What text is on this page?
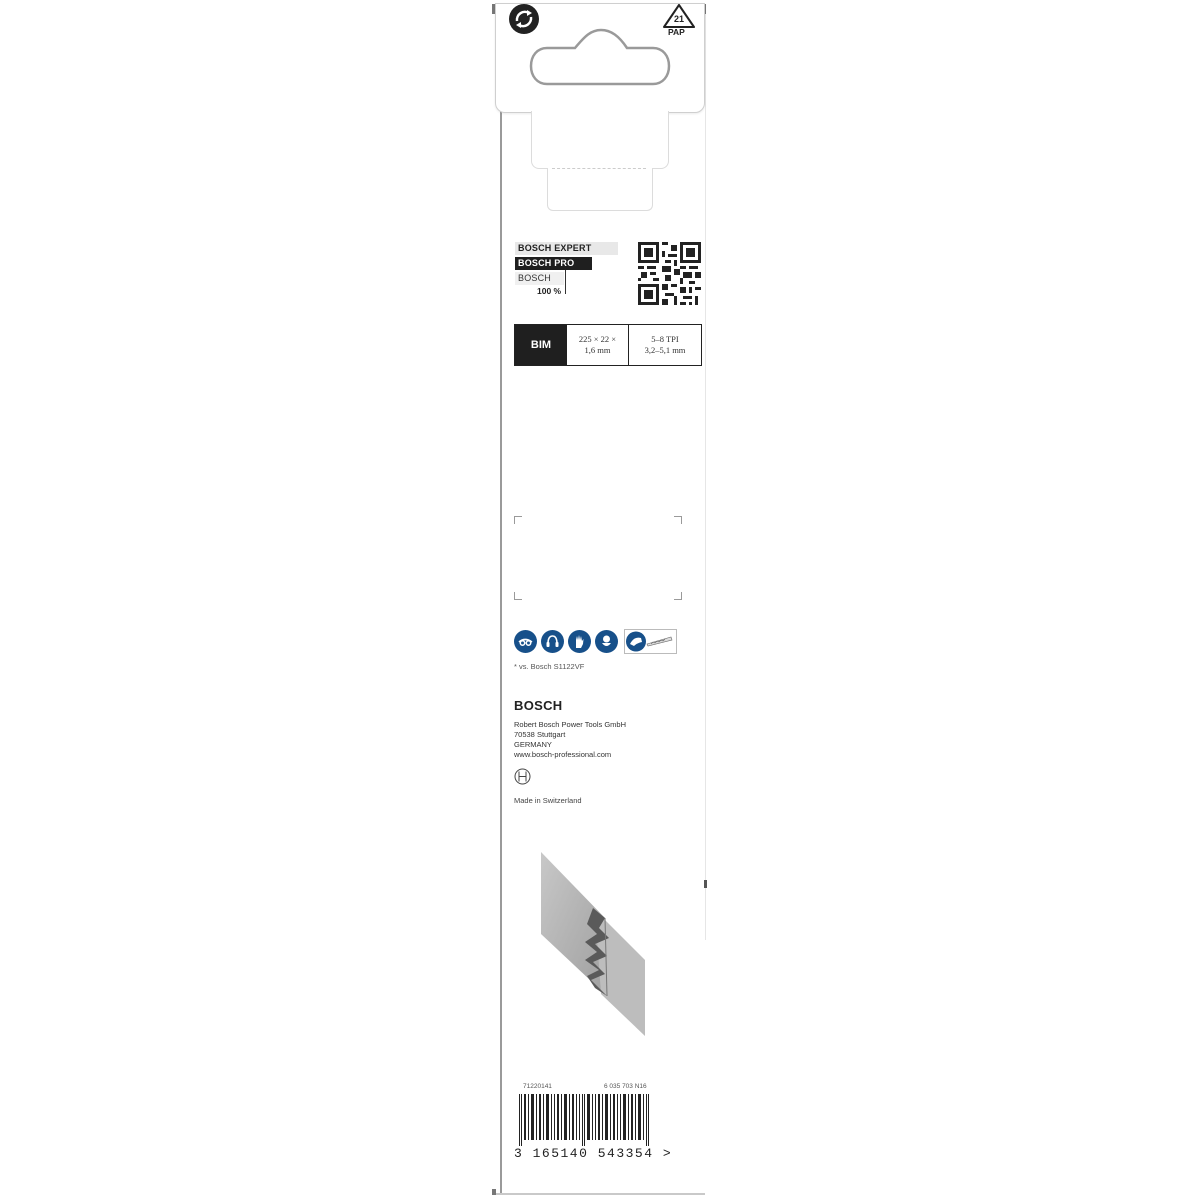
21
PAP
BOSCH EXPERT
BOSCH PRO
BOSCH
100 %
BIM	225 × 22 ×
1,6 mm
5–8 TPI
3,2–5,1 mm
* vs. Bosch S1122VF
BOSCH
Robert Bosch Power Tools GmbH
70538 Stuttgart
GERMANY
www.bosch-professional.com
Made in Switzerland
71220141	6 035 703 N16
3 165140 543354 >
